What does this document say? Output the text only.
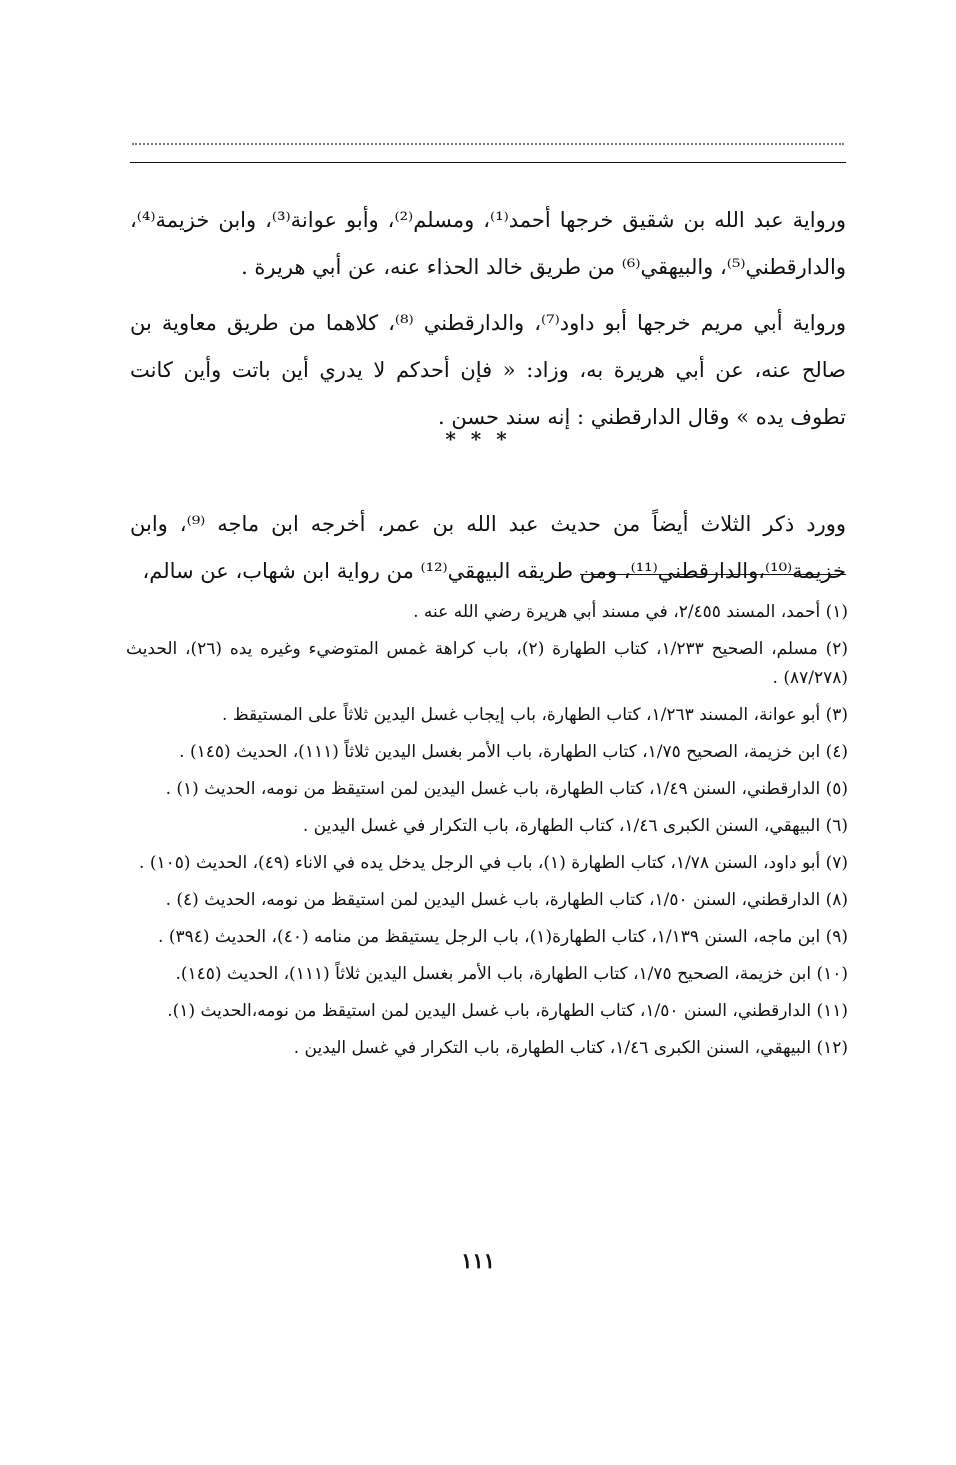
ورواية عبد الله بن شقيق خرجها أحمد⁽¹⁾، ومسلم⁽²⁾، وأبو عوانة⁽³⁾، وابن خزيمة⁽⁴⁾، والدارقطني⁽⁵⁾، والبيهقي⁽⁶⁾ من طريق خالد الحذاء عنه، عن أبي هريرة .

ورواية أبي مريم خرجها أبو داود⁽⁷⁾، والدارقطني ⁽⁸⁾، كلاهما من طريق معاوية بن صالح عنه، عن أبي هريرة به، وزاد: « فإن أحدكم لا يدري أين باتت وأين كانت تطوف يده » وقال الدارقطني : إنه سند حسن .

* * *

وورد ذكر الثلاث أيضاً من حديث عبد الله بن عمر، أخرجه ابن ماجه ⁽⁹⁾، وابن خزيمة⁽¹⁰⁾،والدارقطني⁽¹¹⁾، ومن طريقه البيهقي⁽¹²⁾ من رواية ابن شهاب، عن سالم،

(١) أحمد، المسند ٢/٤٥٥، في مسند أبي هريرة رضي الله عنه .

(٢) مسلم، الصحيح ١/٢٣٣، كتاب الطهارة (٢)، باب كراهة غمس المتوضيء وغيره يده (٢٦)، الحديث (٨٧/٢٧٨) .

(٣) أبو عوانة، المسند ١/٢٦٣، كتاب الطهارة، باب إيجاب غسل اليدين ثلاثاً على المستيقظ .

(٤) ابن خزيمة، الصحيح ١/٧٥، كتاب الطهارة، باب الأمر بغسل اليدين ثلاثاً (١١١)، الحديث (١٤٥) .

(٥) الدارقطني، السنن ١/٤٩، كتاب الطهارة، باب غسل اليدين لمن استيقظ من نومه، الحديث (١) .

(٦) البيهقي، السنن الكبرى ١/٤٦، كتاب الطهارة، باب التكرار في غسل اليدين .

(٧) أبو داود، السنن ١/٧٨، كتاب الطهارة (١)، باب في الرجل يدخل يده في الاناء (٤٩)، الحديث (١٠٥) .

(٨) الدارقطني، السنن ١/٥٠، كتاب الطهارة، باب غسل اليدين لمن استيقظ من نومه، الحديث (٤) .

(٩) ابن ماجه، السنن ١/١٣٩، كتاب الطهارة(١)، باب الرجل يستيقظ من منامه (٤٠)، الحديث (٣٩٤) .

(١٠) ابن خزيمة، الصحيح ١/٧٥، كتاب الطهارة، باب الأمر بغسل اليدين ثلاثاً (١١١)، الحديث (١٤٥).

(١١) الدارقطني، السنن ١/٥٠، كتاب الطهارة، باب غسل اليدين لمن استيقظ من نومه،الحديث (١).

(١٢) البيهقي، السنن الكبرى ١/٤٦، كتاب الطهارة، باب التكرار في غسل اليدين .

١١١
